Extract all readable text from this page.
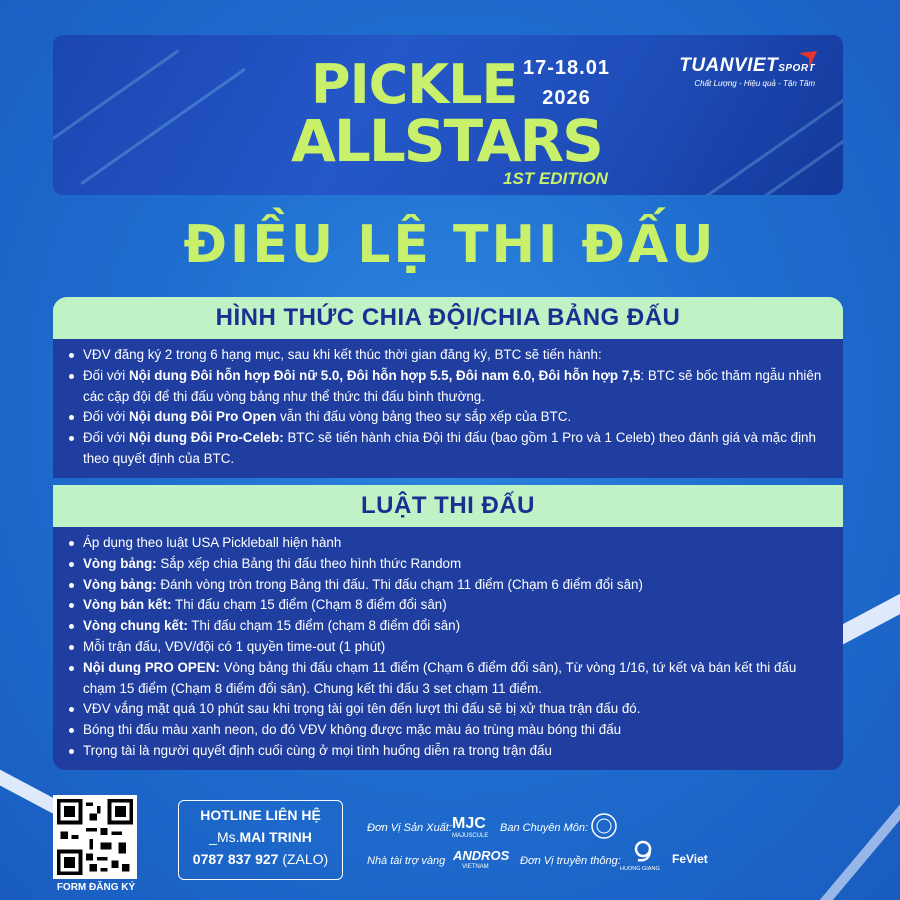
PICKLE
ALLSTARS
1ST EDITION
17-18.01
2026
TUANVIETSPORT
Chất Lượng - Hiệu quả - Tận Tâm
ĐIỀU LỆ THI ĐẤU
HÌNH THỨC CHIA ĐỘI/CHIA BẢNG ĐẤU
VĐV đăng ký 2 trong 6 hạng mục, sau khi kết thúc thời gian đăng ký, BTC sẽ tiến hành:
Đối với Nội dung Đôi hỗn hợp Đôi nữ 5.0, Đôi hỗn hợp 5.5, Đôi nam 6.0, Đôi hỗn hợp 7,5: BTC sẽ bốc thăm ngẫu nhiên các cặp đội để thi đấu vòng bảng như thể thức thi đấu bình thường.
Đối với Nội dung Đôi Pro Open vẫn thi đấu vòng bảng theo sự sắp xếp của BTC.
Đối với Nội dung Đôi Pro-Celeb: BTC sẽ tiến hành chia Đội thi đấu (bao gồm 1 Pro và 1 Celeb) theo đánh giá và mặc định theo quyết định của BTC.
LUẬT THI ĐẤU
Áp dụng theo luật USA Pickleball hiện hành
Vòng bảng: Sắp xếp chia Bảng thi đấu theo hình thức Random
Vòng bảng: Đánh vòng tròn trong Bảng thi đấu. Thi đấu chạm 11 điểm (Chạm 6 điểm đổi sân)
Vòng bán kết: Thi đấu chạm 15 điểm (Chạm 8 điểm đổi sân)
Vòng chung kết: Thi đấu chạm 15 điểm (chạm 8 điểm đổi sân)
Mỗi trận đấu, VĐV/đội có 1 quyền time-out (1 phút)
Nội dung PRO OPEN: Vòng bảng thi đấu chạm 11 điểm (Chạm 6 điểm đổi sân), Từ vòng 1/16, tứ kết và bán kết thi đấu chạm 15 điểm (Chạm 8 điểm đổi sân). Chung kết thi đấu 3 set chạm 11 điểm.
VĐV vắng mặt quá 10 phút sau khi trọng tài gọi tên đến lượt thi đấu sẽ bị xử thua trận đấu đó.
Bóng thi đấu màu xanh neon, do đó VĐV không được mặc màu áo trùng màu bóng thi đấu
Trọng tài là người quyết định cuối cùng ở mọi tình huống diễn ra trong trận đấu
FORM ĐĂNG KÝ
HOTLINE LIÊN HỆ
_Ms.MAI TRINH
0787 837 927 (ZALO)
Đơn Vị Sản Xuất: MJC
MAJUSCULE
Ban Chuyên Môn:
Nhà tài trợ vàng ANDROS
VIETNAM	Đơn Vị truyền thông:
HUONG GIANG
FeViet
